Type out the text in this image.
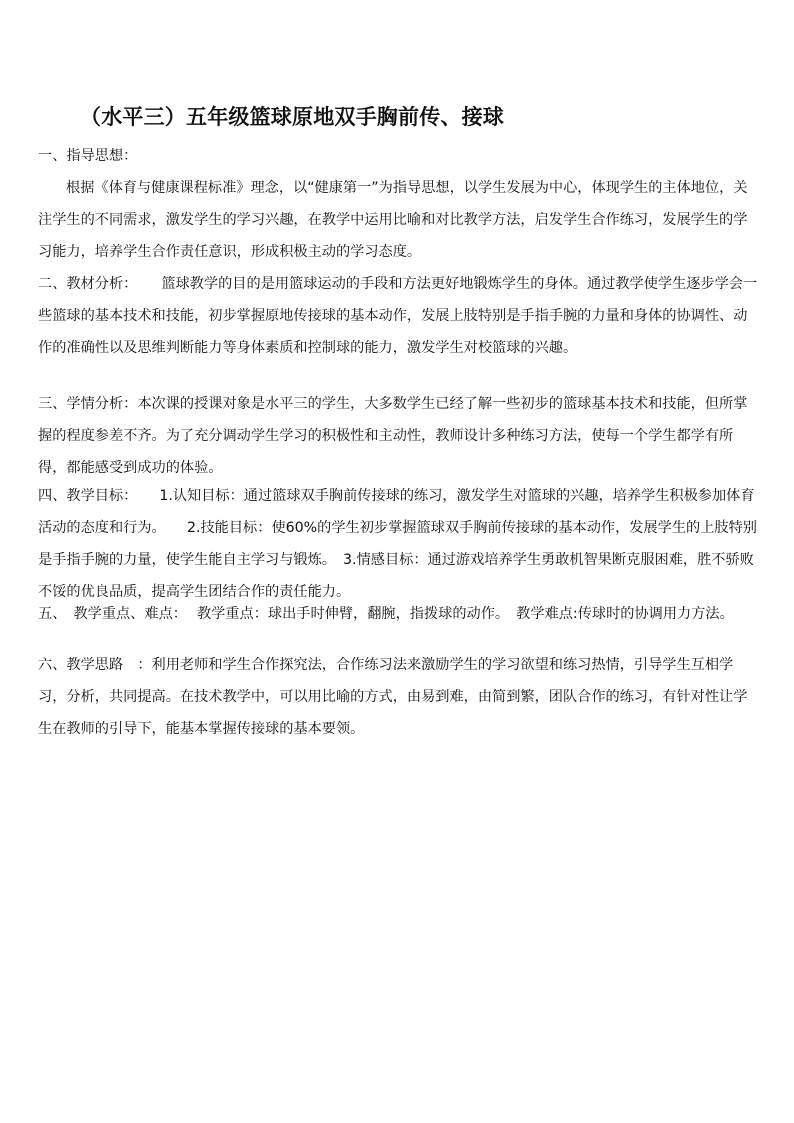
（水平三）五年级篮球原地双手胸前传、接球

一、指导思想：

根据《体育与健康课程标准》理念，以“健康第一”为指导思想，以学生发展为中心，体现学生的主体地位，关注学生的不同需求，激发学生的学习兴趣，在教学中运用比喻和对比教学方法，启发学生合作练习，发展学生的学习能力，培养学生合作责任意识，形成积极主动的学习态度。

二、教材分析： 篮球教学的目的是用篮球运动的手段和方法更好地锻炼学生的身体。通过教学使学生逐步学会一些篮球的基本技术和技能，初步掌握原地传接球的基本动作，发展上肢特别是手指手腕的力量和身体的协调性、动作的准确性以及思维判断能力等身体素质和控制球的能力，激发学生对校篮球的兴趣。

三、学情分析：本次课的授课对象是水平三的学生，大多数学生已经了解一些初步的篮球基本技术和技能，但所掌握的程度参差不齐。为了充分调动学生学习的积极性和主动性，教师设计多种练习方法，使每一个学生都学有所得，都能感受到成功的体验。

四、教学目标： 1.认知目标：通过篮球双手胸前传接球的练习，激发学生对篮球的兴趣，培养学生积极参加体育活动的态度和行为。　　2.技能目标：使60%的学生初步掌握篮球双手胸前传接球的基本动作，发展学生的上肢特别是手指手腕的力量，使学生能自主学习与锻炼。　3.情感目标：通过游戏培养学生勇敢机智果断克服困难，胜不骄败不馁的优良品质，提高学生团结合作的责任能力。

五、　教学重点、难点： 教学重点：球出手时伸臂，翻腕，指拨球的动作。　教学难点:传球时的协调用力方法。

六、教学思路　：利用老师和学生合作探究法，合作练习法来激励学生的学习欲望和练习热情，引导学生互相学习，分析，共同提高。在技术教学中，可以用比喻的方式，由易到难，由简到繁，团队合作的练习，有针对性让学生在教师的引导下，能基本掌握传接球的基本要领。
